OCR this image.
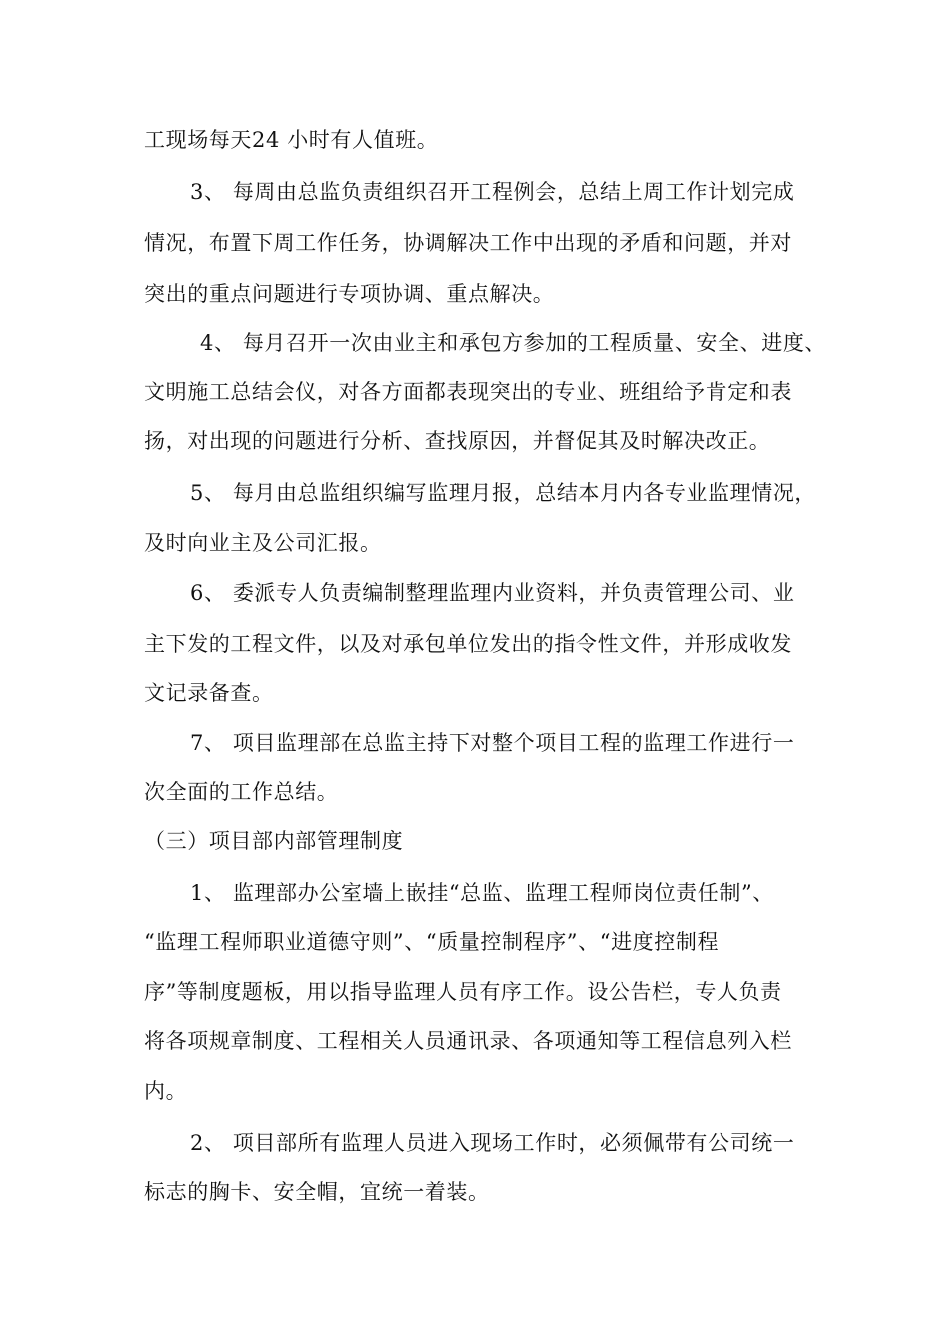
工现场每天24 小时有人值班。
3、 每周由总监负责组织召开工程例会，总结上周工作计划完成
情况，布置下周工作任务，协调解决工作中出现的矛盾和问题，并对
突出的重点问题进行专项协调、重点解决。
4、 每月召开一次由业主和承包方参加的工程质量、安全、进度、
文明施工总结会仪，对各方面都表现突出的专业、班组给予肯定和表
扬，对出现的问题进行分析、查找原因，并督促其及时解决改正。
5、 每月由总监组织编写监理月报，总结本月内各专业监理情况，
及时向业主及公司汇报。
6、 委派专人负责编制整理监理内业资料，并负责管理公司、业
主下发的工程文件，以及对承包单位发出的指令性文件，并形成收发
文记录备查。
7、 项目监理部在总监主持下对整个项目工程的监理工作进行一
次全面的工作总结。
（三）项目部内部管理制度
1、 监理部办公室墙上嵌挂“总监、监理工程师岗位责任制”、
“监理工程师职业道德守则”、“质量控制程序”、“进度控制程
序”等制度题板，用以指导监理人员有序工作。设公告栏，专人负责
将各项规章制度、工程相关人员通讯录、各项通知等工程信息列入栏
内。
2、 项目部所有监理人员进入现场工作时，必须佩带有公司统一
标志的胸卡、安全帽，宜统一着装。
